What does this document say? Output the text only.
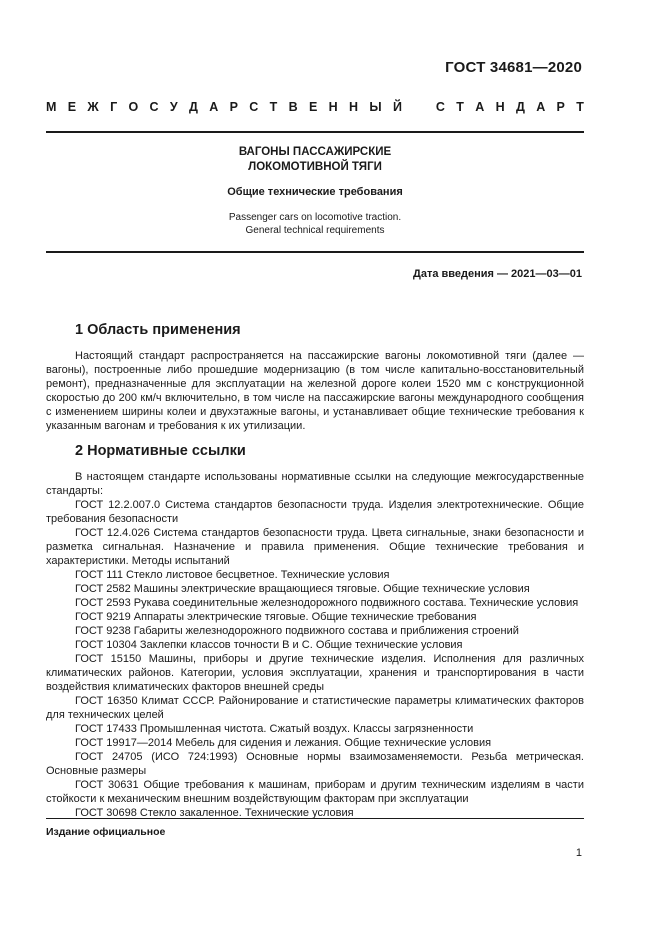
ГОСТ 34681—2020
М Е Ж Г О С У Д А Р С Т В Е Н Н Ы Й	С Т А Н Д А Р Т
ВАГОНЫ ПАССАЖИРСКИЕ
ЛОКОМОТИВНОЙ ТЯГИ
Общие технические требования
Passenger cars on locomotive traction.
General technical requirements
Дата введения — 2021—03—01
1 Область применения

Настоящий стандарт распространяется на пассажирские вагоны локомотивной тяги (далее — вагоны), построенные либо прошедшие модернизацию (в том числе капитально-восстановительный ремонт), предназначенные для эксплуатации на железной дороге колеи 1520 мм с конструкционной скоростью до 200 км/ч включительно, в том числе на пассажирские вагоны международного сообщения с изменением ширины колеи и двухэтажные вагоны, и устанавливает общие технические требования к указанным вагонам и требования к их утилизации.

2 Нормативные ссылки

В настоящем стандарте использованы нормативные ссылки на следующие межгосударственные стандарты:

ГОСТ 12.2.007.0 Система стандартов безопасности труда. Изделия электротехнические. Общие требования безопасности

ГОСТ 12.4.026 Система стандартов безопасности труда. Цвета сигнальные, знаки безопасности и разметка сигнальная. Назначение и правила применения. Общие технические требования и характеристики. Методы испытаний

ГОСТ 111 Стекло листовое бесцветное. Технические условия

ГОСТ 2582 Машины электрические вращающиеся тяговые. Общие технические условия

ГОСТ 2593 Рукава соединительные железнодорожного подвижного состава. Технические условия

ГОСТ 9219 Аппараты электрические тяговые. Общие технические требования

ГОСТ 9238 Габариты железнодорожного подвижного состава и приближения строений

ГОСТ 10304 Заклепки классов точности В и С. Общие технические условия

ГОСТ 15150 Машины, приборы и другие технические изделия. Исполнения для различных климатических районов. Категории, условия эксплуатации, хранения и транспортирования в части воздействия климатических факторов внешней среды

ГОСТ 16350 Климат СССР. Районирование и статистические параметры климатических факторов для технических целей

ГОСТ 17433 Промышленная чистота. Сжатый воздух. Классы загрязненности

ГОСТ 19917—2014 Мебель для сидения и лежания. Общие технические условия

ГОСТ 24705 (ИСО 724:1993) Основные нормы взаимозаменяемости. Резьба метрическая. Основные размеры

ГОСТ 30631 Общие требования к машинам, приборам и другим техническим изделиям в части стойкости к механическим внешним воздействующим факторам при эксплуатации

ГОСТ 30698 Стекло закаленное. Технические условия

Издание официальное
1
